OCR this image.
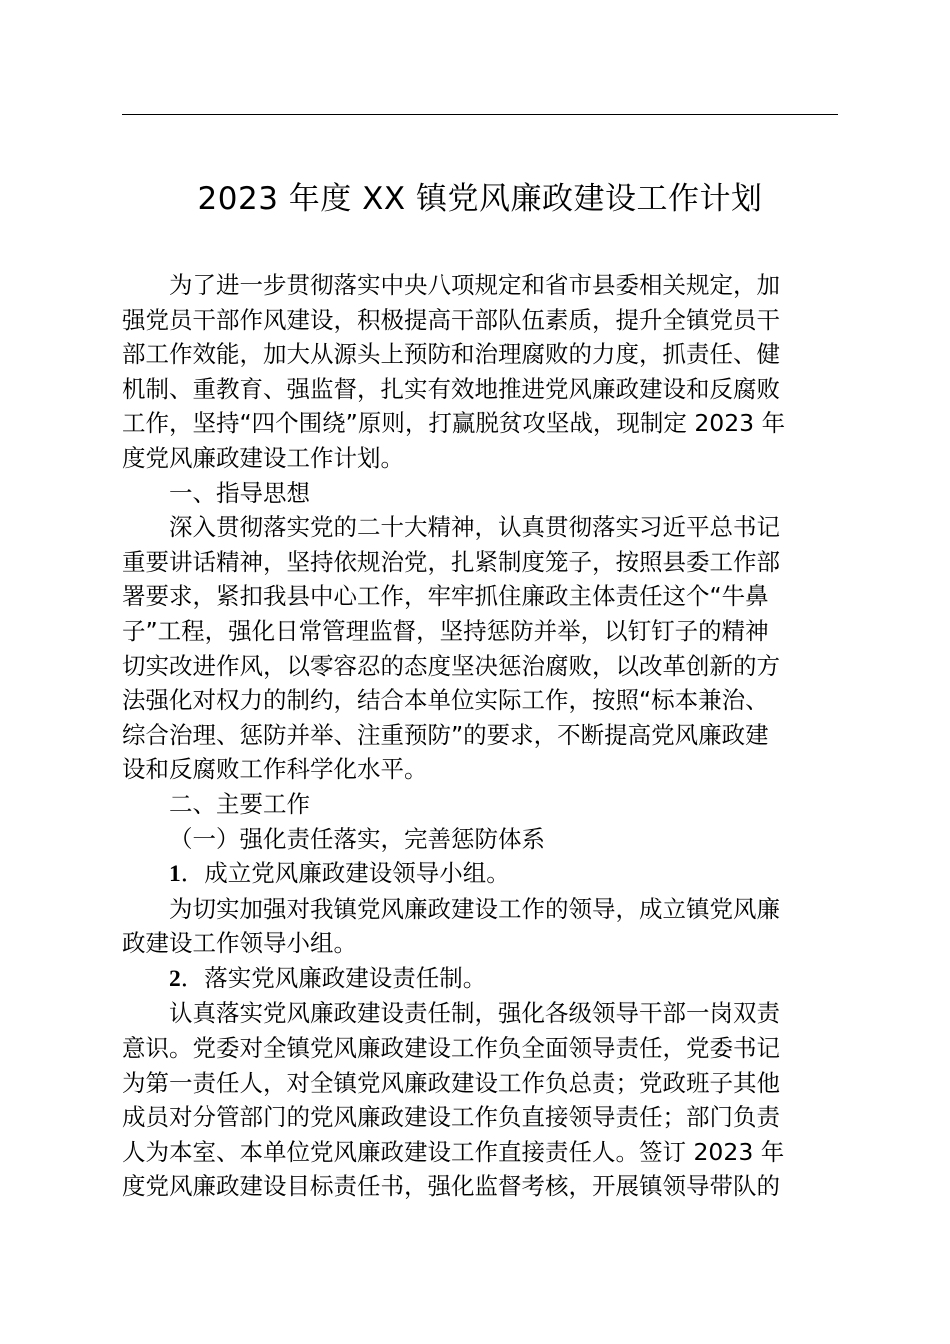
2023 年度 XX 镇党风廉政建设工作计划
为了进一步贯彻落实中央八项规定和省市县委相关规定，加
强党员干部作风建设，积极提高干部队伍素质，提升全镇党员干
部工作效能，加大从源头上预防和治理腐败的力度，抓责任、健
机制、重教育、强监督，扎实有效地推进党风廉政建设和反腐败
工作，坚持“四个围绕”原则，打赢脱贫攻坚战，现制定 2023 年
度党风廉政建设工作计划。
一、指导思想
深入贯彻落实党的二十大精神，认真贯彻落实习近平总书记
重要讲话精神，坚持依规治党，扎紧制度笼子，按照县委工作部
署要求，紧扣我县中心工作，牢牢抓住廉政主体责任这个“牛鼻
子”工程，强化日常管理监督，坚持惩防并举，以钉钉子的精神
切实改进作风，以零容忍的态度坚决惩治腐败，以改革创新的方
法强化对权力的制约，结合本单位实际工作，按照“标本兼治、
综合治理、惩防并举、注重预防”的要求，不断提高党风廉政建
设和反腐败工作科学化水平。
二、主要工作
（一）强化责任落实，完善惩防体系
1．成立党风廉政建设领导小组。
为切实加强对我镇党风廉政建设工作的领导，成立镇党风廉
政建设工作领导小组。
2．落实党风廉政建设责任制。
认真落实党风廉政建设责任制，强化各级领导干部一岗双责
意识。党委对全镇党风廉政建设工作负全面领导责任，党委书记
为第一责任人，对全镇党风廉政建设工作负总责；党政班子其他
成员对分管部门的党风廉政建设工作负直接领导责任；部门负责
人为本室、本单位党风廉政建设工作直接责任人。签订 2023 年
度党风廉政建设目标责任书，强化监督考核，开展镇领导带队的
